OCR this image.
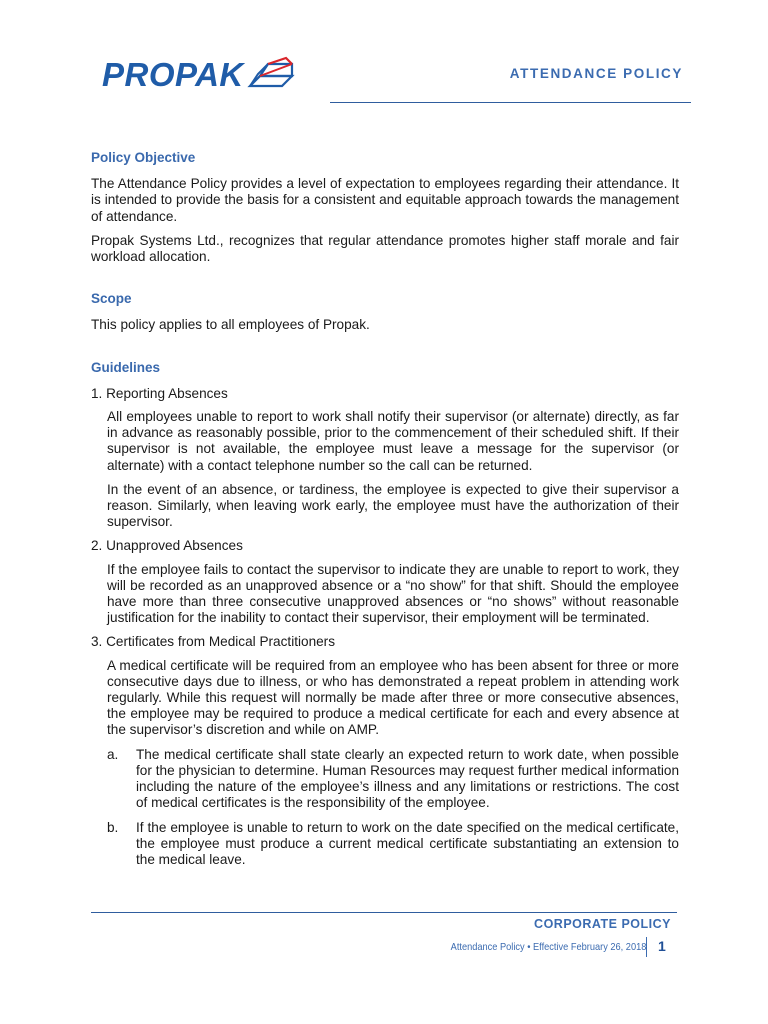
PROPAK	ATTENDANCE POLICY
Policy Objective

The Attendance Policy provides a level of expectation to employees regarding their attendance. It is intended to provide the basis for a consistent and equitable approach towards the management of attendance.

Propak Systems Ltd., recognizes that regular attendance promotes higher staff morale and fair workload allocation.

Scope

This policy applies to all employees of Propak.

Guidelines
1. Reporting Absences

All employees unable to report to work shall notify their supervisor (or alternate) directly, as far in advance as reasonably possible, prior to the commencement of their scheduled shift. If their supervisor is not available, the employee must leave a message for the supervisor (or alternate) with a contact telephone number so the call can be returned.

In the event of an absence, or tardiness, the employee is expected to give their supervisor a reason. Similarly, when leaving work early, the employee must have the authorization of their supervisor.

2. Unapproved Absences

If the employee fails to contact the supervisor to indicate they are unable to report to work, they will be recorded as an unapproved absence or a “no show” for that shift. Should the employee have more than three consecutive unapproved absences or “no shows” without reasonable justification for the inability to contact their supervisor, their employment will be terminated.

3. Certificates from Medical Practitioners

A medical certificate will be required from an employee who has been absent for three or more consecutive days due to illness, or who has demonstrated a repeat problem in attending work regularly. While this request will normally be made after three or more consecutive absences, the employee may be required to produce a medical certificate for each and every absence at the supervisor’s discretion and while on AMP.

a.	The medical certificate shall state clearly an expected return to work date, when possible for the physician to determine. Human Resources may request further medical information including the nature of the employee’s illness and any limitations or restrictions. The cost of medical certificates is the responsibility of the employee.
b.	If the employee is unable to return to work on the date specified on the medical certificate, the employee must produce a current medical certificate substantiating an extension to the medical leave.
CORPORATE POLICY
Attendance Policy • Effective February 26, 2018 1
